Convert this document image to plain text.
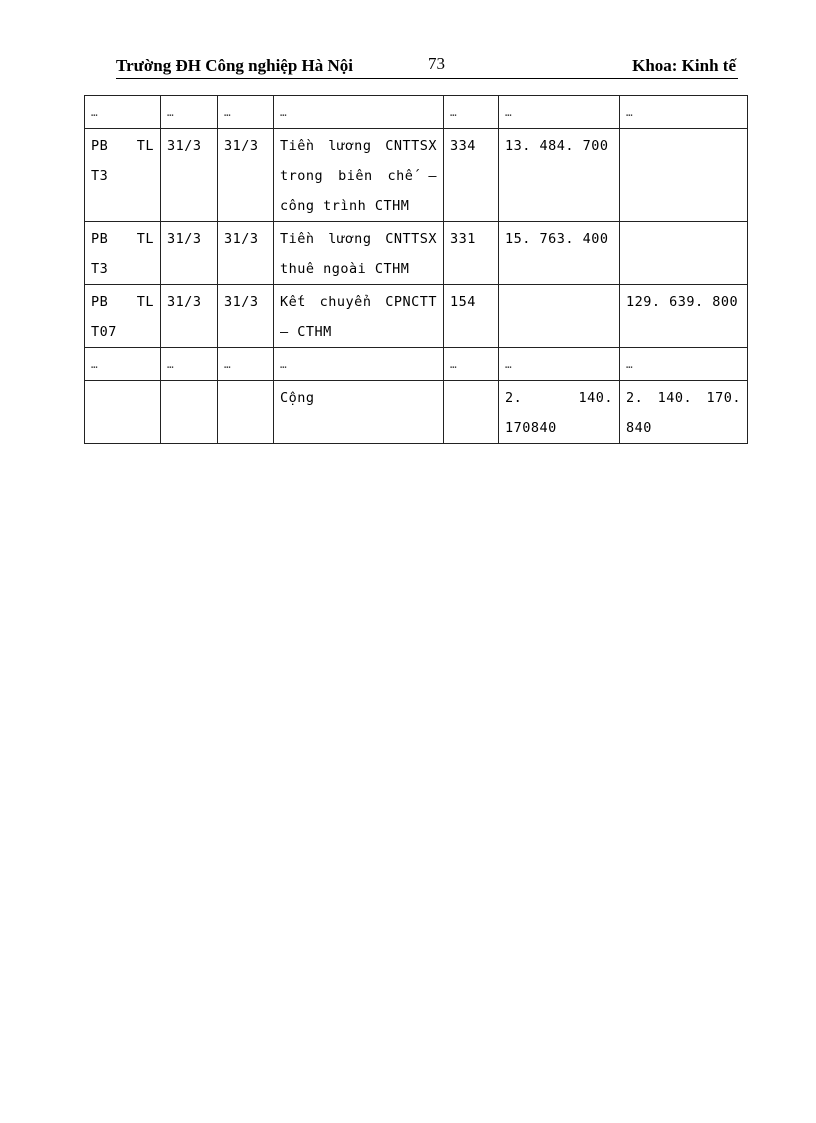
Trường ĐH Công nghiệp Hà Nội	73	Khoa: Kinh tế
…	…	…	…	…	…	…
PB TL T3	31/3	31/3	Tiền lương CNTTSX trong biên chế – công trình CTHM	334	13. 484. 700	
PB TL T3	31/3	31/3	Tiền lương CNTTSX thuê ngoài CTHM	331	15. 763. 400	
PB TL T07	31/3	31/3	Kết chuyển CPNCTT – CTHM	154		129. 639. 800
…	…	…	…	…	…	…
			Cộng		2. 140. 170840	2. 140. 170. 840
